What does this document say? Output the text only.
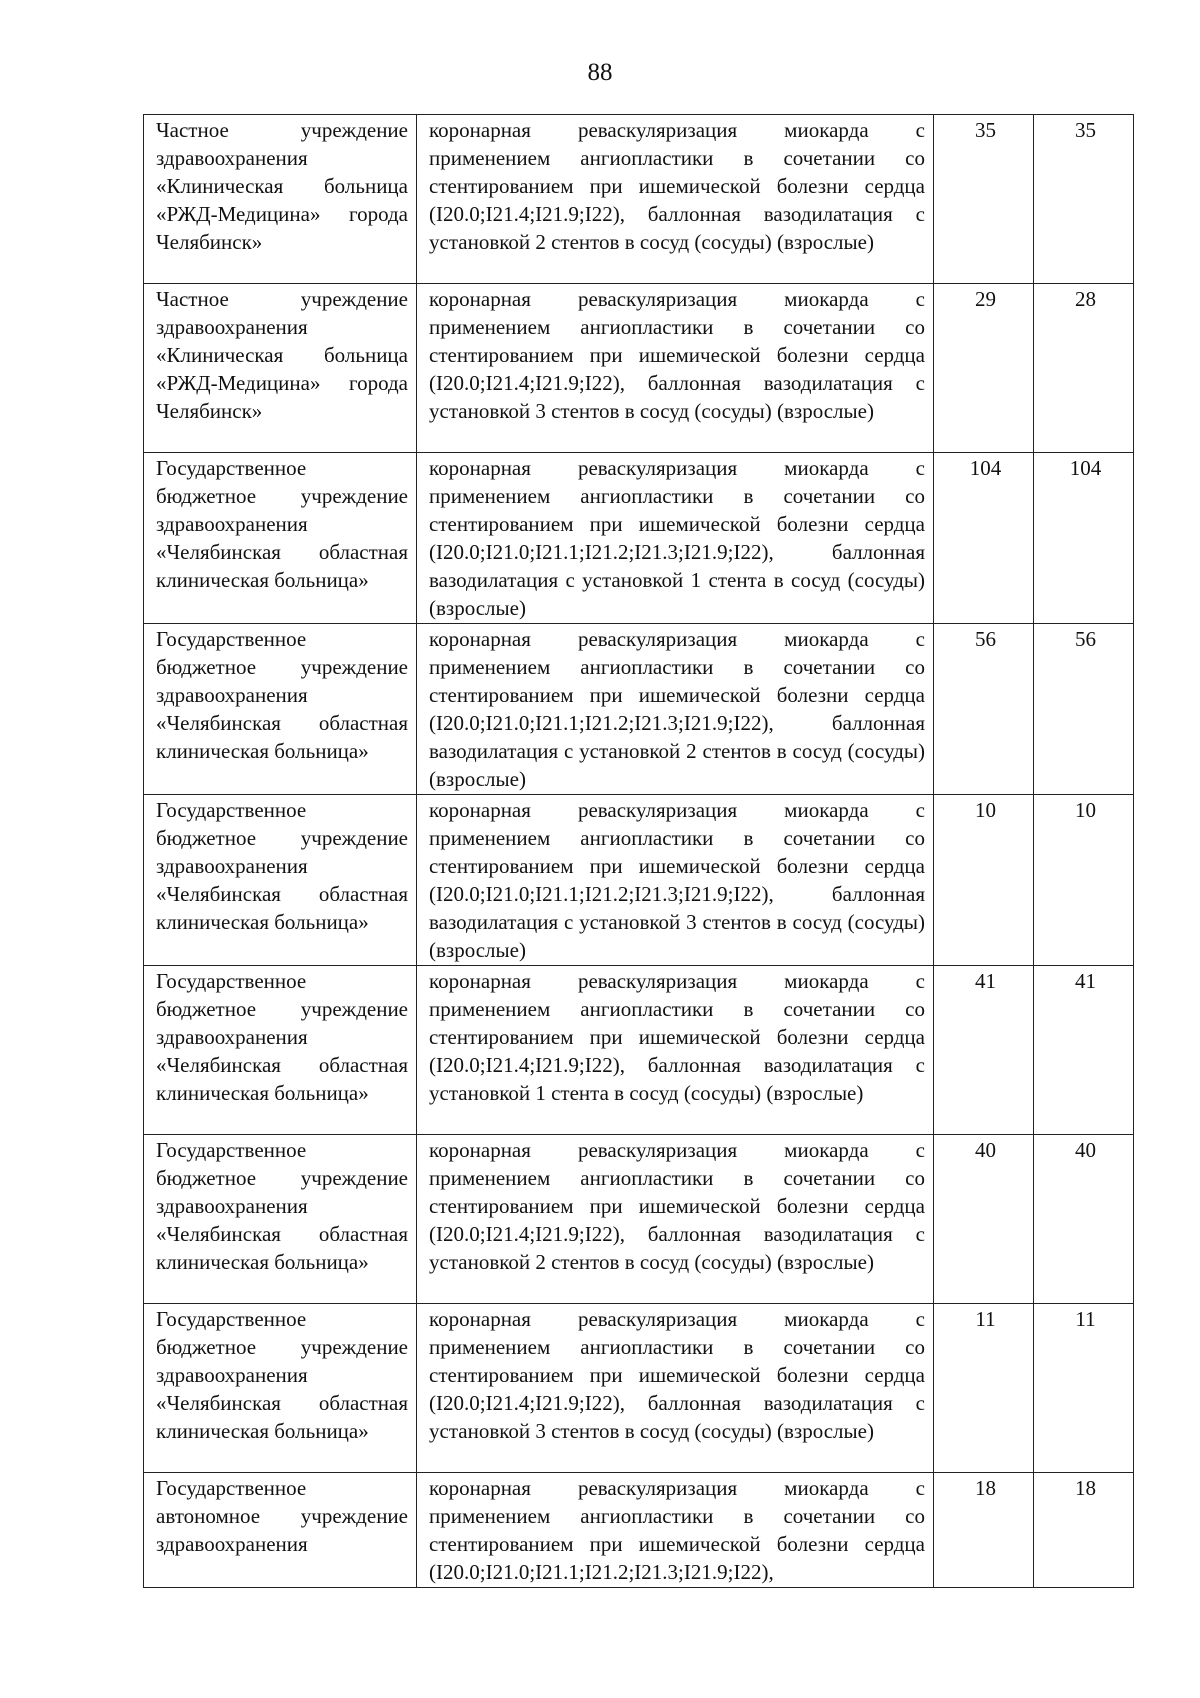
88
Частное учреждение здравоохранения «Клиническая больница «РЖД-Медицина» города Челябинск»	коронарная реваскуляризация миокарда с применением ангиопластики в сочетании со стентированием при ишемической болезни сердца (I20.0;I21.4;I21.9;I22), баллонная вазодилатация с установкой 2 стентов в сосуд (сосуды) (взрослые)	35	35
Частное учреждение здравоохранения «Клиническая больница «РЖД-Медицина» города Челябинск»	коронарная реваскуляризация миокарда с применением ангиопластики в сочетании со стентированием при ишемической болезни сердца (I20.0;I21.4;I21.9;I22), баллонная вазодилатация с установкой 3 стентов в сосуд (сосуды) (взрослые)	29	28
Государственное бюджетное учреждение здравоохранения «Челябинская областная клиническая больница»	коронарная реваскуляризация миокарда с применением ангиопластики в сочетании со стентированием при ишемической болезни сердца (I20.0;I21.0;I21.1;I21.2;I21.3;I21.9;I22), баллонная вазодилатация с установкой 1 стента в сосуд (сосуды) (взрослые)	104	104
Государственное бюджетное учреждение здравоохранения «Челябинская областная клиническая больница»	коронарная реваскуляризация миокарда с применением ангиопластики в сочетании со стентированием при ишемической болезни сердца (I20.0;I21.0;I21.1;I21.2;I21.3;I21.9;I22), баллонная вазодилатация с установкой 2 стентов в сосуд (сосуды) (взрослые)	56	56
Государственное бюджетное учреждение здравоохранения «Челябинская областная клиническая больница»	коронарная реваскуляризация миокарда с применением ангиопластики в сочетании со стентированием при ишемической болезни сердца (I20.0;I21.0;I21.1;I21.2;I21.3;I21.9;I22), баллонная вазодилатация с установкой 3 стентов в сосуд (сосуды) (взрослые)	10	10
Государственное бюджетное учреждение здравоохранения «Челябинская областная клиническая больница»	коронарная реваскуляризация миокарда с применением ангиопластики в сочетании со стентированием при ишемической болезни сердца (I20.0;I21.4;I21.9;I22), баллонная вазодилатация с установкой 1 стента в сосуд (сосуды) (взрослые)	41	41
Государственное бюджетное учреждение здравоохранения «Челябинская областная клиническая больница»	коронарная реваскуляризация миокарда с применением ангиопластики в сочетании со стентированием при ишемической болезни сердца (I20.0;I21.4;I21.9;I22), баллонная вазодилатация с установкой 2 стентов в сосуд (сосуды) (взрослые)	40	40
Государственное бюджетное учреждение здравоохранения «Челябинская областная клиническая больница»	коронарная реваскуляризация миокарда с применением ангиопластики в сочетании со стентированием при ишемической болезни сердца (I20.0;I21.4;I21.9;I22), баллонная вазодилатация с установкой 3 стентов в сосуд (сосуды) (взрослые)	11	11
Государственное автономное учреждение здравоохранения	коронарная реваскуляризация миокарда с применением ангиопластики в сочетании со стентированием при ишемической болезни сердца (I20.0;I21.0;I21.1;I21.2;I21.3;I21.9;I22),	18	18
